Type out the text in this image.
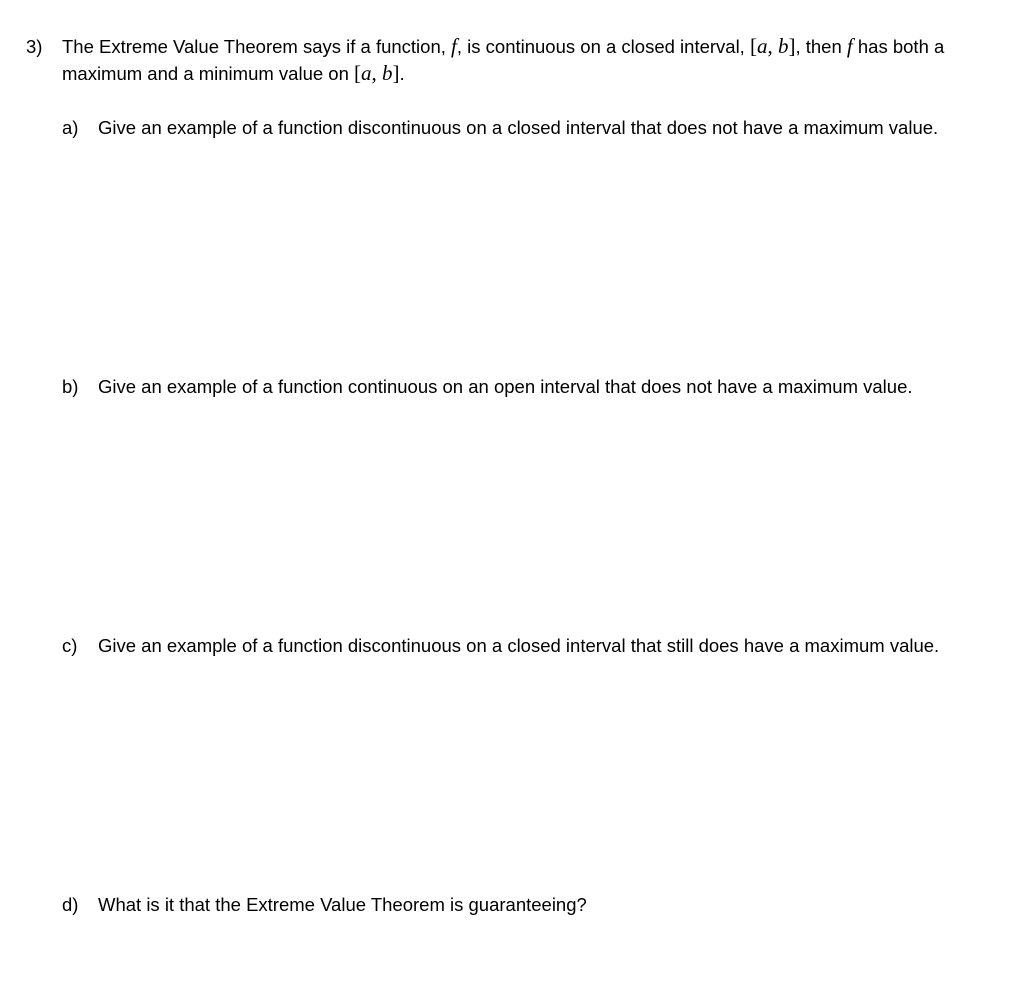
3) The Extreme Value Theorem says if a function, f, is continuous on a closed interval, [a, b], then f has both a maximum and a minimum value on [a, b].
a) Give an example of a function discontinuous on a closed interval that does not have a maximum value.
b) Give an example of a function continuous on an open interval that does not have a maximum value.
c) Give an example of a function discontinuous on a closed interval that still does have a maximum value.
d) What is it that the Extreme Value Theorem is guaranteeing?
